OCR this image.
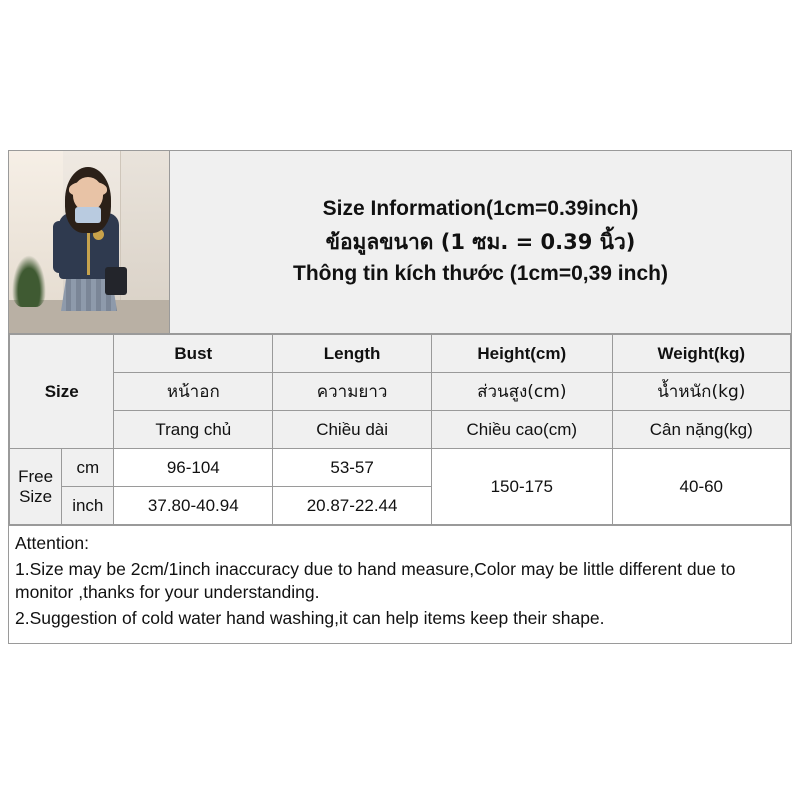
Size Information(1cm=0.39inch)
ข้อมูลขนาด (1 ซม. = 0.39 นิ้ว)
Thông tin kích thước (1cm=0,39 inch)
Size		Bust	Length	Height(cm)	Weight(kg)
		หน้าอก	ความยาว	ส่วนสูง(cm)	น้ำหนัก(kg)
		Trang chủ	Chiều dài	Chiều cao(cm)	Cân nặng(kg)
Free Size	cm	96-104	53-57	150-175	40-60
	inch	37.80-40.94	20.87-22.44		

Attention:

1.Size may be 2cm/1inch inaccuracy due to hand measure,Color may be little different due to monitor ,thanks for your understanding.

2.Suggestion of cold water hand washing,it can help items keep their shape.
